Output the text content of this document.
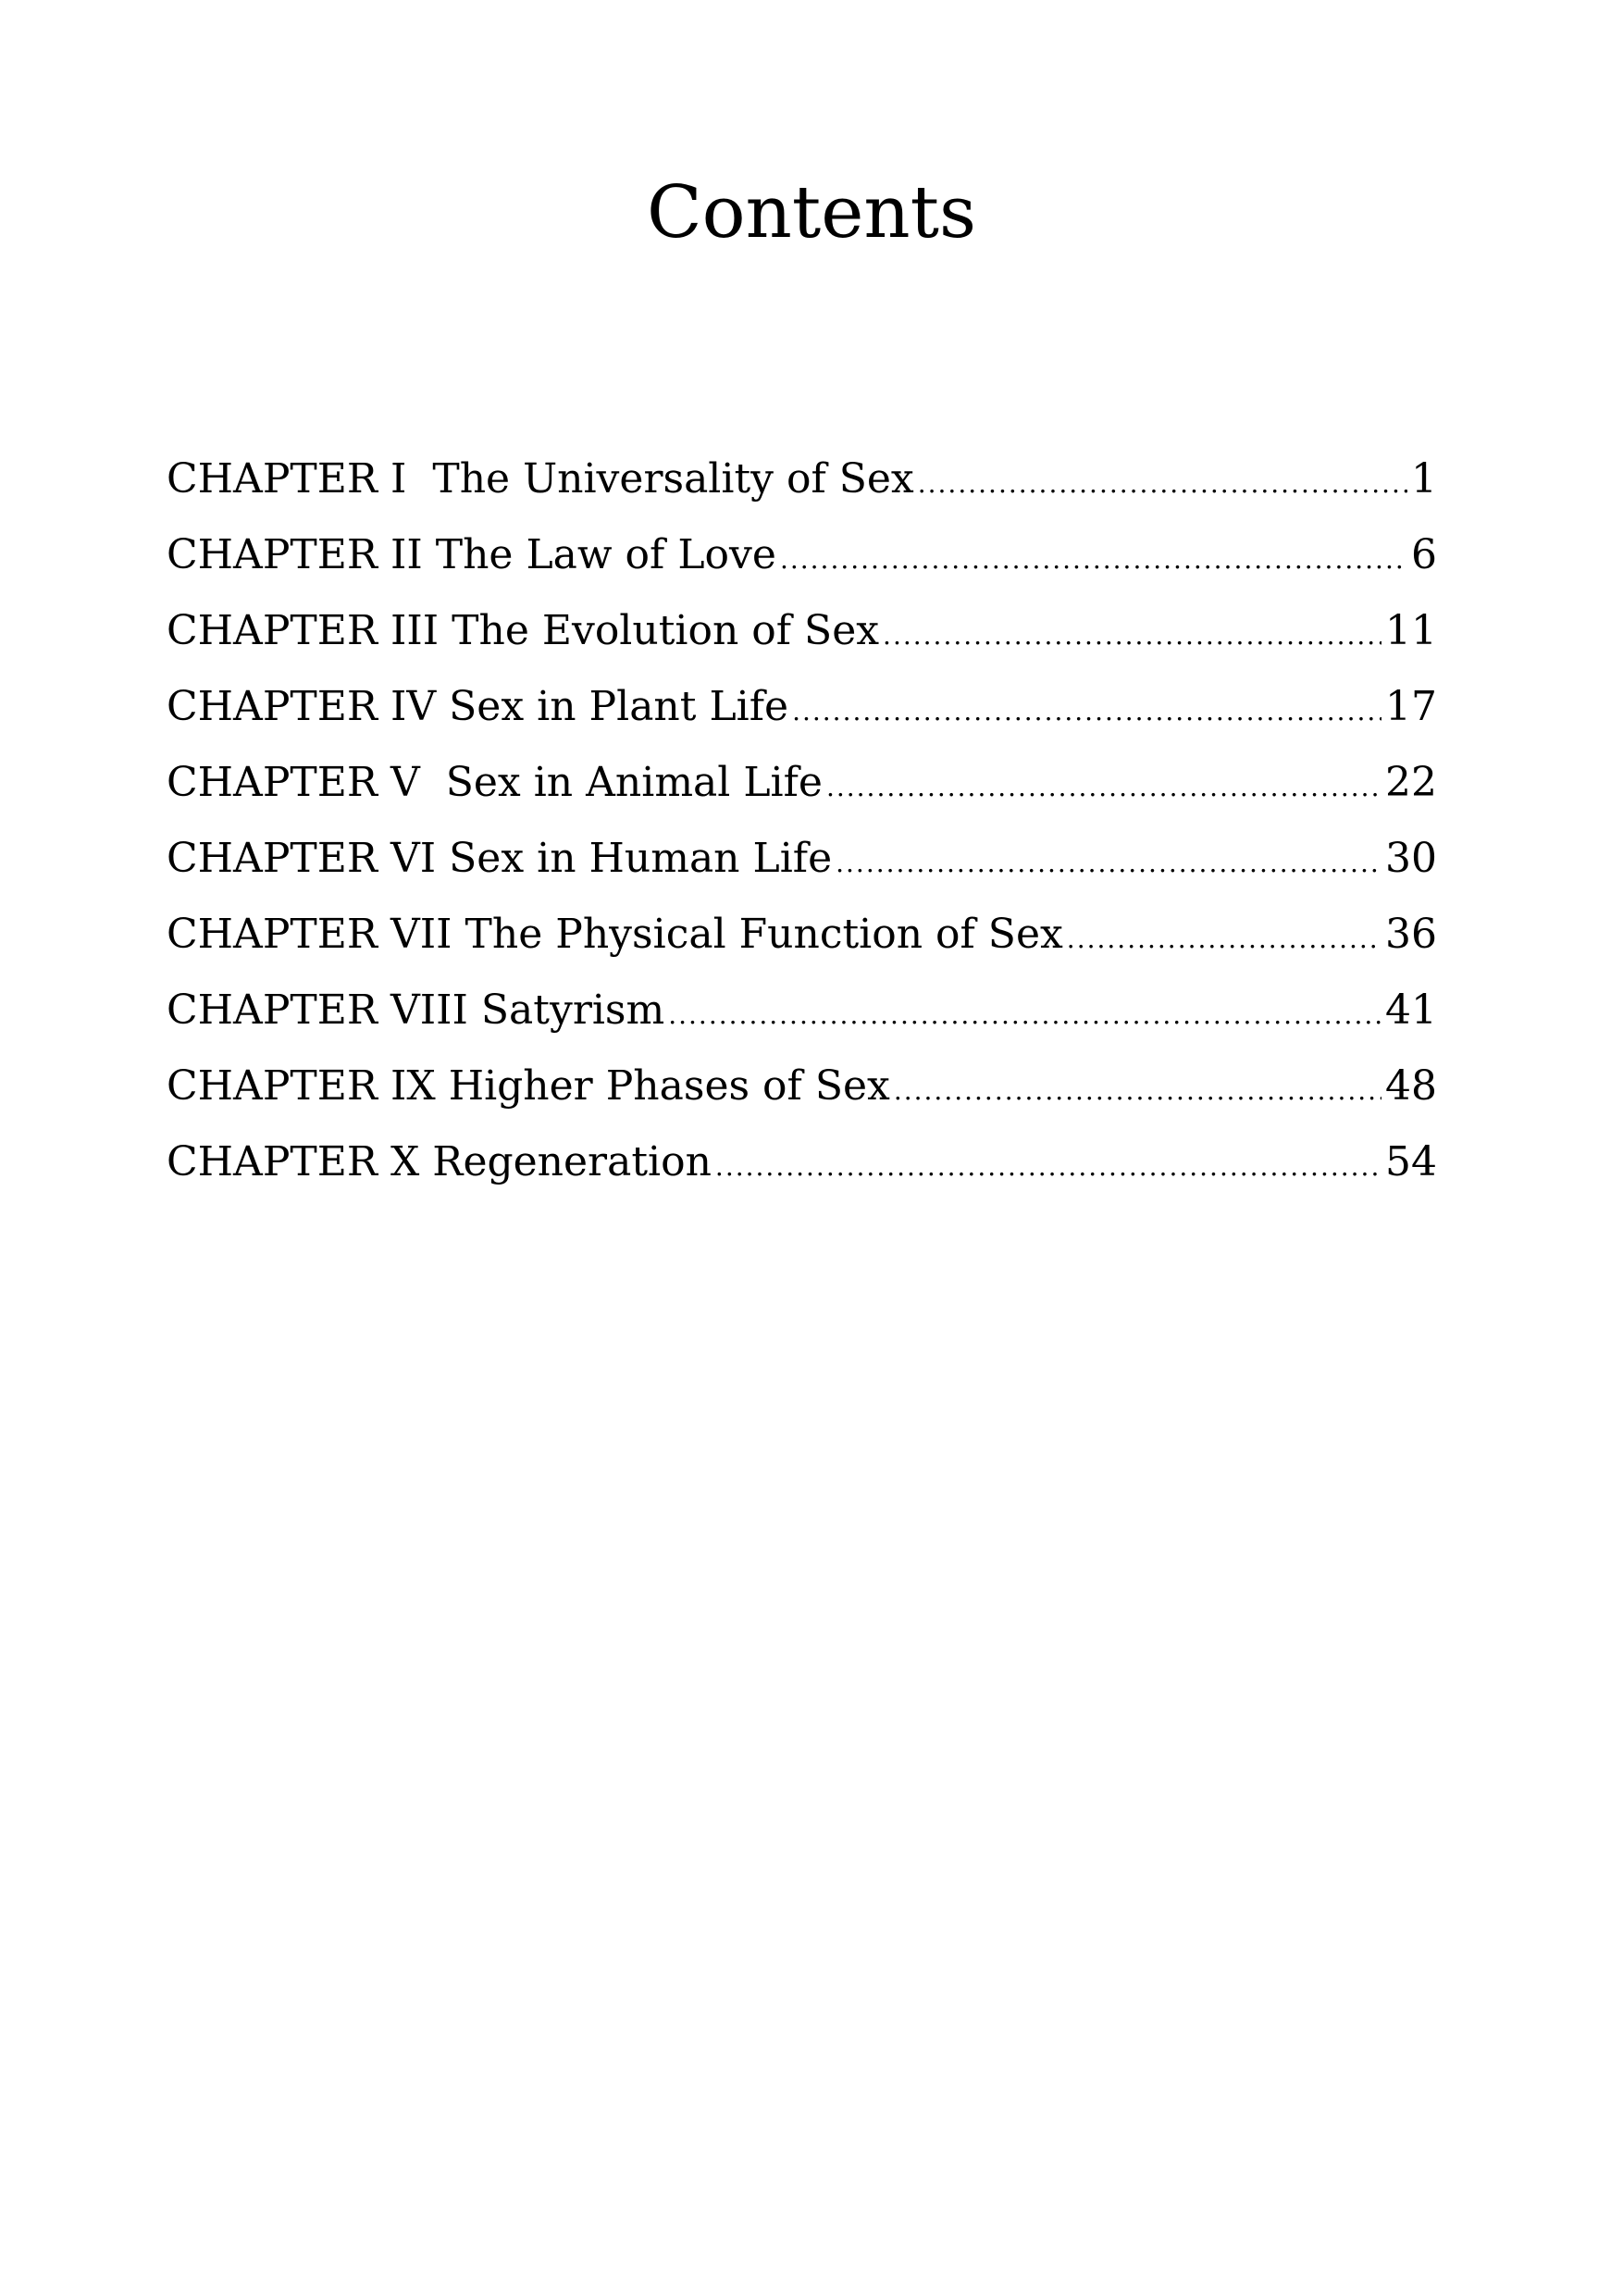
Contents
CHAPTER I  The Universality of Sex .....	1
CHAPTER II The Law of Love .....	6
CHAPTER III The Evolution of Sex .....	11
CHAPTER IV Sex in Plant Life .....	17
CHAPTER V  Sex in Animal Life .....	22
CHAPTER VI Sex in Human Life .....	30
CHAPTER VII The Physical Function of Sex .....	36
CHAPTER VIII Satyrism .....	41
CHAPTER IX Higher Phases of Sex .....	48
CHAPTER X Regeneration .....	54
